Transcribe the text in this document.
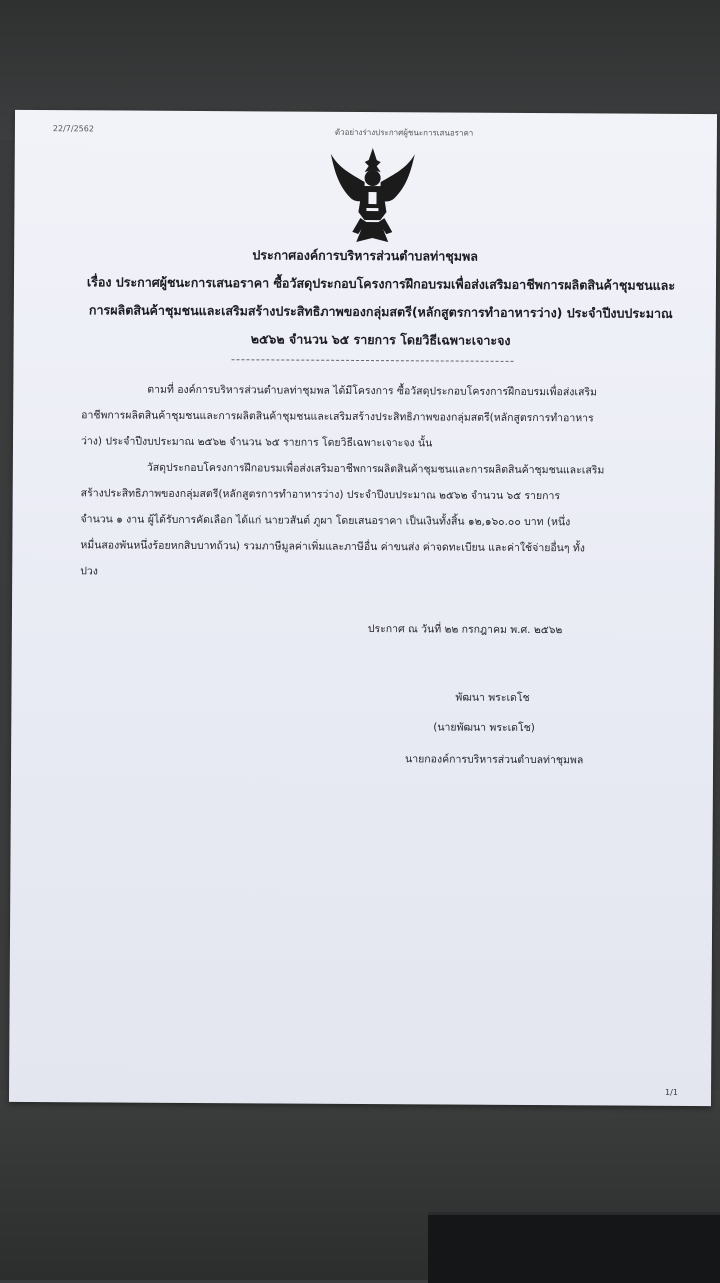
22/7/2562	ตัวอย่างร่างประกาศผู้ชนะการเสนอราคา
ประกาศองค์การบริหารส่วนตำบลท่าชุมพล
เรื่อง ประกาศผู้ชนะการเสนอราคา ซื้อวัสดุประกอบโครงการฝึกอบรมเพื่อส่งเสริมอาชีพการผลิตสินค้าชุมชนและ
การผลิตสินค้าชุมชนและเสริมสร้างประสิทธิภาพของกลุ่มสตรี(หลักสูตรการทำอาหารว่าง) ประจำปีงบประมาณ
๒๕๖๒ จำนวน ๖๕ รายการ โดยวิธีเฉพาะเจาะจง
ตามที่ องค์การบริหารส่วนตำบลท่าชุมพล ได้มีโครงการ ซื้อวัสดุประกอบโครงการฝึกอบรมเพื่อส่งเสริม
อาชีพการผลิตสินค้าชุมชนและการผลิตสินค้าชุมชนและเสริมสร้างประสิทธิภาพของกลุ่มสตรี(หลักสูตรการทำอาหาร
ว่าง) ประจำปีงบประมาณ ๒๕๖๒ จำนวน ๖๕ รายการ โดยวิธีเฉพาะเจาะจง นั้น
วัสดุประกอบโครงการฝึกอบรมเพื่อส่งเสริมอาชีพการผลิตสินค้าชุมชนและการผลิตสินค้าชุมชนและเสริม
สร้างประสิทธิภาพของกลุ่มสตรี(หลักสูตรการทำอาหารว่าง) ประจำปีงบประมาณ ๒๕๖๒ จำนวน ๖๕ รายการ
จำนวน ๑ งาน ผู้ได้รับการคัดเลือก ได้แก่ นายวสันต์ ภูผา โดยเสนอราคา เป็นเงินทั้งสิ้น ๑๒,๑๖๐.๐๐ บาท (หนึ่ง
หมื่นสองพันหนึ่งร้อยหกสิบบาทถ้วน) รวมภาษีมูลค่าเพิ่มและภาษีอื่น ค่าขนส่ง ค่าจดทะเบียน และค่าใช้จ่ายอื่นๆ ทั้ง
ปวง
ประกาศ ณ วันที่ ๒๒ กรกฎาคม พ.ศ. ๒๕๖๒
พัฒนา พระเดโช
(นายพัฒนา พระเดโช)
นายกองค์การบริหารส่วนตำบลท่าชุมพล
1/1
